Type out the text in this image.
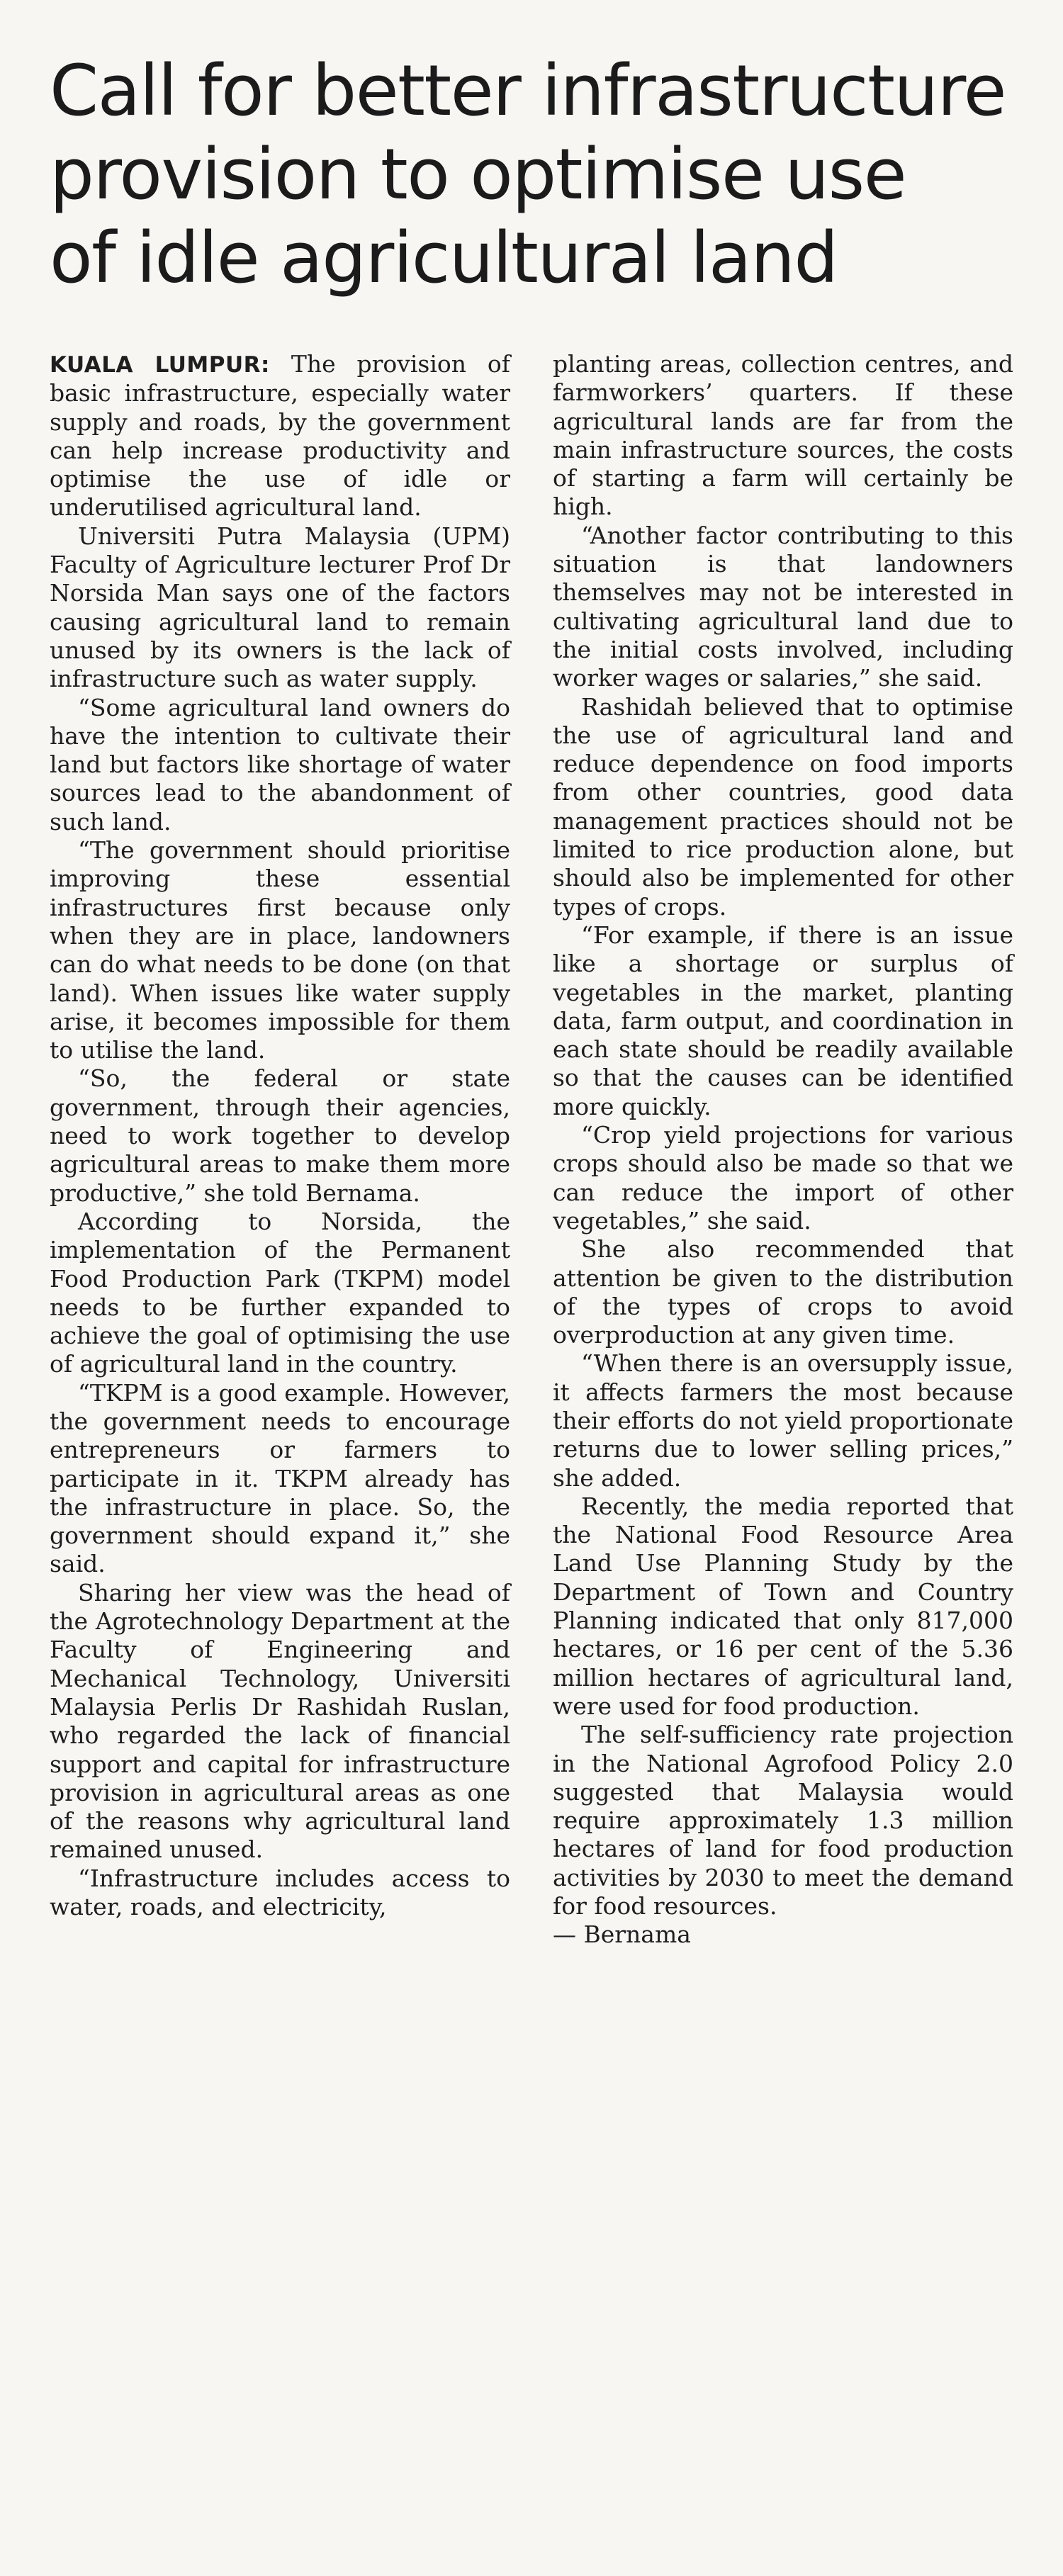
Call for better infrastructure
provision to optimise use
of idle agricultural land

KUALA LUMPUR: The provision of basic infrastructure, especially water supply and roads, by the government can help increase productivity and optimise the use of idle or underutilised agricultural land.

Universiti Putra Malaysia (UPM) Faculty of Agriculture lecturer Prof Dr Norsida Man says one of the factors causing agricultural land to remain unused by its owners is the lack of infrastructure such as water supply.

“Some agricultural land owners do have the intention to cultivate their land but factors like shortage of water sources lead to the abandonment of such land.

“The government should prioritise improving these essential infrastructures first because only when they are in place, landowners can do what needs to be done (on that land). When issues like water supply arise, it becomes impossible for them to utilise the land.

“So, the federal or state government, through their agencies, need to work together to develop agricultural areas to make them more productive,” she told Bernama.

According to Norsida, the implementation of the Permanent Food Production Park (TKPM) model needs to be further expanded to achieve the goal of optimising the use of agricultural land in the country.

“TKPM is a good example. However, the government needs to encourage entrepreneurs or farmers to participate in it. TKPM already has the infrastructure in place. So, the government should expand it,” she said.

Sharing her view was the head of the Agrotechnology Department at the Faculty of Engineering and Mechanical Technology, Universiti Malaysia Perlis Dr Rashidah Ruslan, who regarded the lack of financial support and capital for infrastructure provision in agricultural areas as one of the reasons why agricultural land remained unused.

“Infrastructure includes access to water, roads, and electricity,

planting areas, collection centres, and farmworkers’ quarters. If these agricultural lands are far from the main infrastructure sources, the costs of starting a farm will certainly be high.

“Another factor contributing to this situation is that landowners themselves may not be interested in cultivating agricultural land due to the initial costs involved, including worker wages or salaries,” she said.

Rashidah believed that to optimise the use of agricultural land and reduce dependence on food imports from other countries, good data management practices should not be limited to rice production alone, but should also be implemented for other types of crops.

“For example, if there is an issue like a shortage or surplus of vegetables in the market, planting data, farm output, and coordination in each state should be readily available so that the causes can be identified more quickly.

“Crop yield projections for various crops should also be made so that we can reduce the import of other vegetables,” she said.

She also recommended that attention be given to the distribution of the types of crops to avoid overproduction at any given time.

“When there is an oversupply issue, it affects farmers the most because their efforts do not yield proportionate returns due to lower selling prices,” she added.

Recently, the media reported that the National Food Resource Area Land Use Planning Study by the Department of Town and Country Planning indicated that only 817,000 hectares, or 16 per cent of the 5.36 million hectares of agricultural land, were used for food production.

The self-sufficiency rate projection in the National Agrofood Policy 2.0 suggested that Malaysia would require approximately 1.3 million hectares of land for food production activities by 2030 to meet the demand for food resources.

— Bernama
